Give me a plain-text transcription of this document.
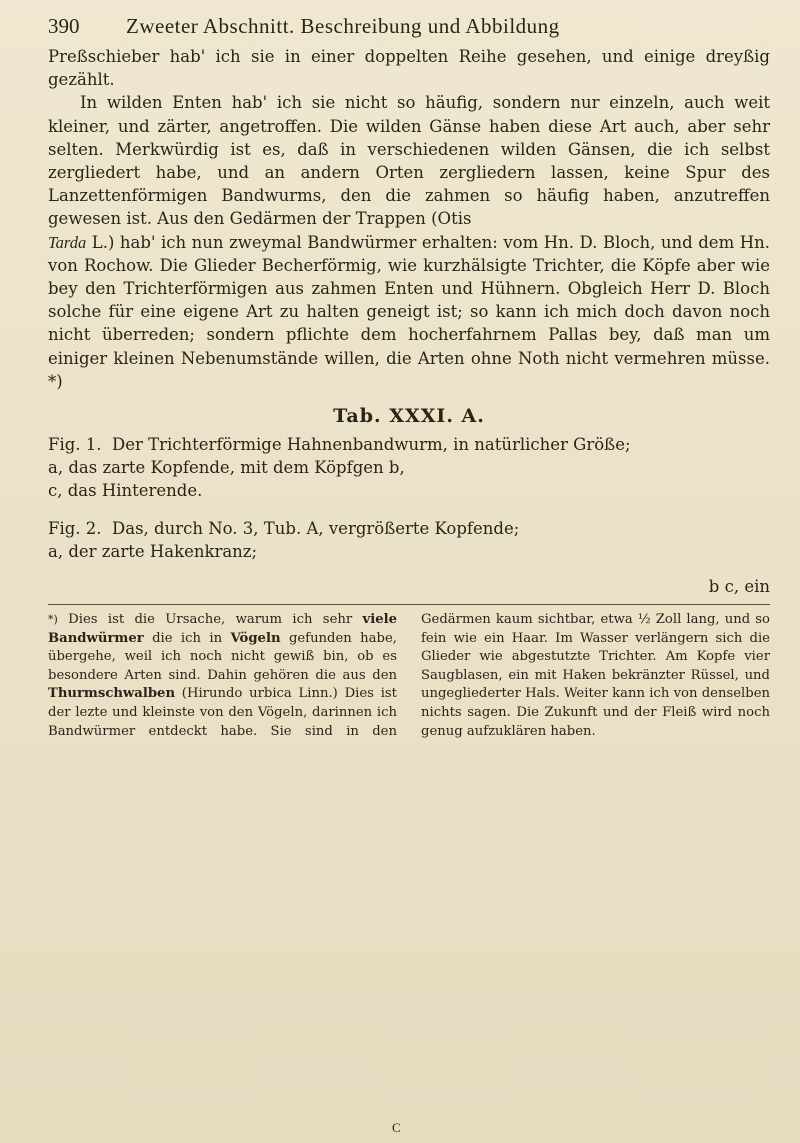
390	Zweeter Abschnitt. Beschreibung und Abbildung

Preßschieber hab' ich sie in einer doppelten Reihe gesehen, und einige dreyßig gezählt.

In wilden Enten hab' ich sie nicht so häufig, sondern nur einzeln, auch weit kleiner, und zärter, angetroffen. Die wilden Gänse haben diese Art auch, aber sehr selten. Merkwürdig ist es, daß in verschiedenen wilden Gänsen, die ich selbst zergliedert habe, und an andern Orten zergliedern lassen, keine Spur des Lanzettenförmigen Bandwurms, den die zahmen so häufig haben, anzutreffen gewesen ist. Aus den Gedärmen der Trappen (Otis

Tarda L.) hab' ich nun zweymal Bandwürmer erhalten: vom Hn. D. Bloch, und dem Hn. von Rochow. Die Glieder Becherförmig, wie kurzhälsigte Trichter, die Köpfe aber wie bey den Trichterförmigen aus zahmen Enten und Hühnern. Obgleich Herr D. Bloch solche für eine eigene Art zu halten geneigt ist; so kann ich mich doch davon noch nicht überreden; sondern pflichte dem hocherfahrnem Pallas bey, daß man um einiger kleinen Nebenumstände willen, die Arten ohne Noth nicht vermehren müsse. *)

Tab. XXXI. A.

Fig. 1. Der Trichterförmige Hahnenbandwurm, in natürlicher Größe;

a, das zarte Kopfende, mit dem Köpfgen b,

c, das Hinterende.

Fig. 2. Das, durch No. 3, Tub. A, vergrößerte Kopfende;

a, der zarte Hakenkranz;

b c, ein
*) Dies ist die Ursache, warum ich sehr viele Bandwürmer die ich in Vögeln gefunden habe, übergehe, weil ich noch nicht gewiß bin, ob es besondere Arten sind. Dahin gehören die aus den Thurmschwalben (Hirundo urbica Linn.) Dies ist der lezte und kleinste von den Vögeln, darinnen ich Bandwürmer entdeckt habe. Sie sind in den Gedärmen kaum sichtbar, etwa ½ Zoll lang, und so fein wie ein Haar. Im Wasser verlängern sich die Glieder wie abgestutzte Trichter. Am Kopfe vier Saugblasen, ein mit Haken bekränzter Rüssel, und ungegliederter Hals. Weiter kann ich von denselben nichts sagen. Die Zukunft und der Fleiß wird noch genug aufzuklären haben.
C
